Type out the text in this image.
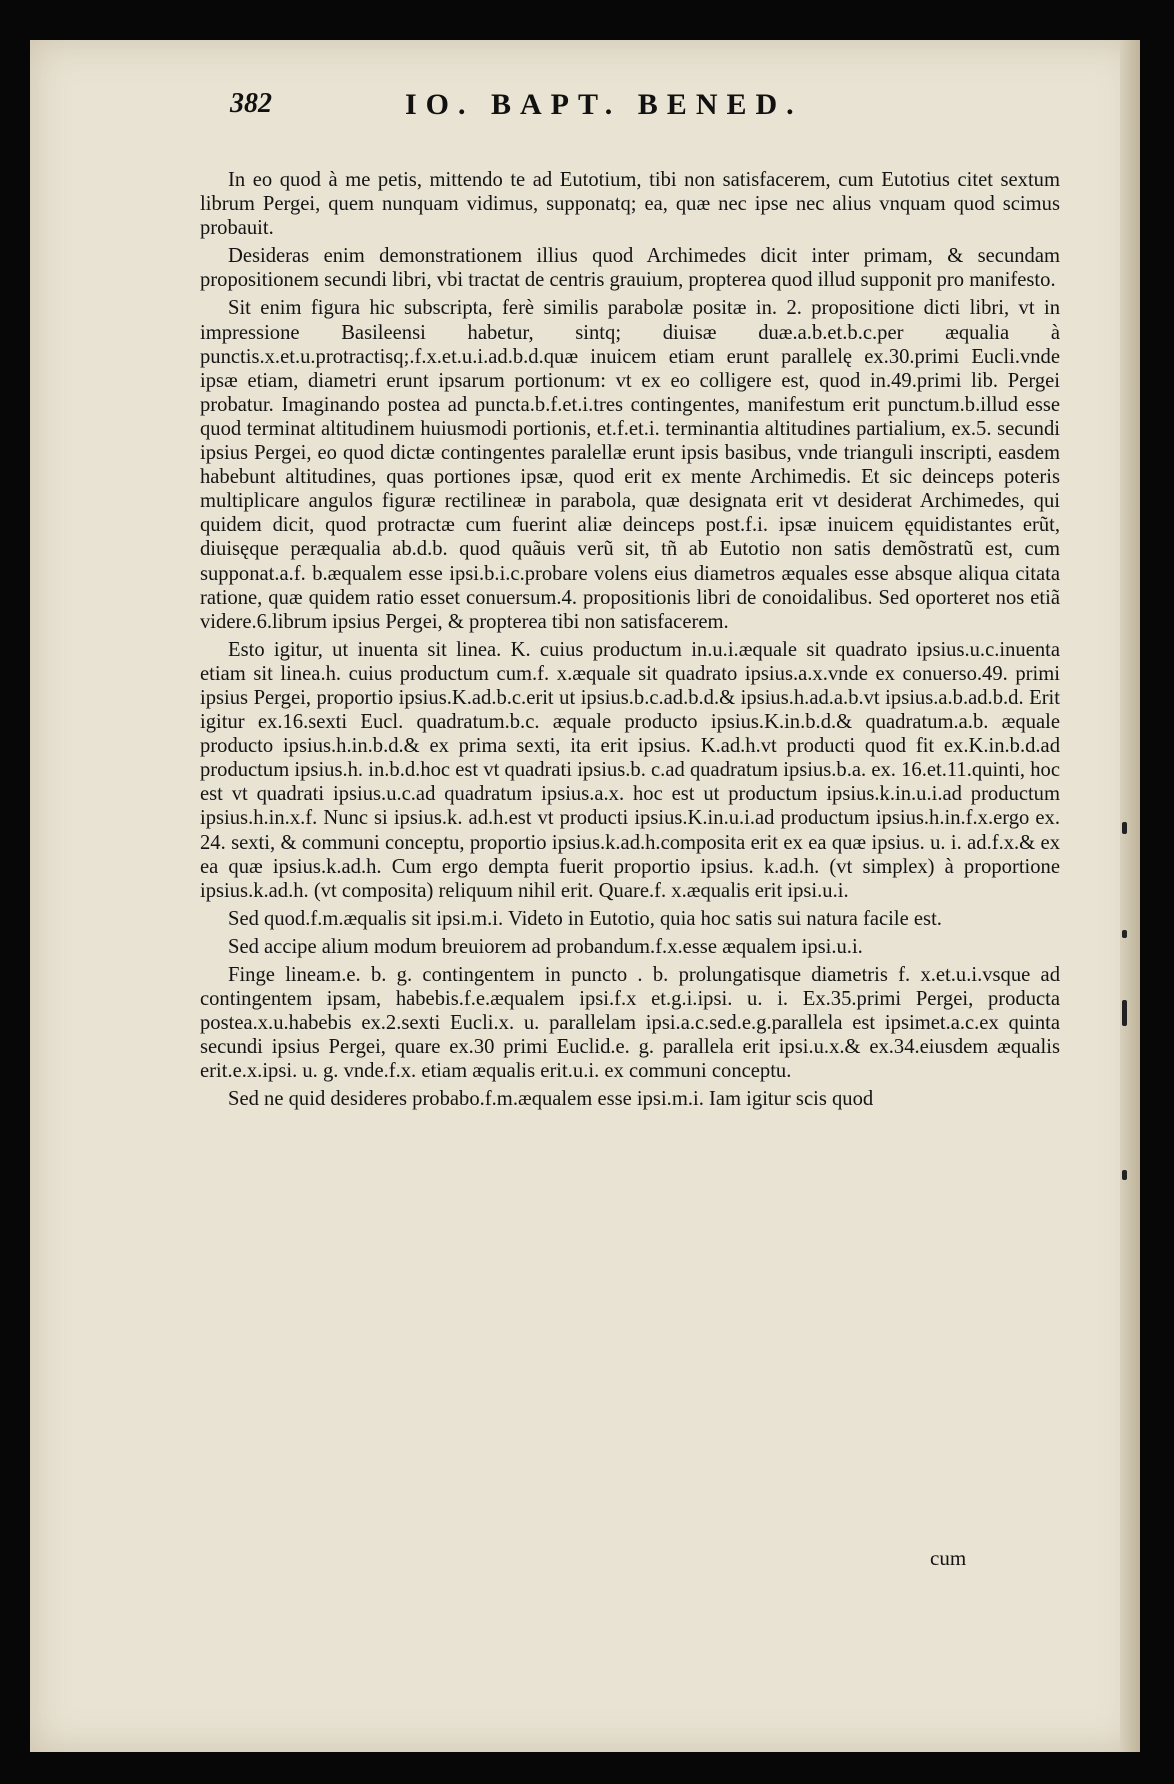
382	IO. BAPT. BENED.

In eo quod à me petis, mittendo te ad Eutotium, tibi non satisfacerem, cum Eutotius citet sextum librum Pergei, quem nunquam vidimus, supponatq; ea, quæ nec ipse nec alius vnquam quod scimus probauit.

Desideras enim demonstrationem illius quod Archimedes dicit inter primam, & secundam propositionem secundi libri, vbi tractat de centris grauium, propterea quod illud supponit pro manifesto.

Sit enim figura hic subscripta, ferè similis parabolæ positæ in. 2. propositione dicti libri, vt in impressione Basileensi habetur, sintq; diuisæ duæ.a.b.et.b.c.per æqualia à punctis.x.et.u.protractisq;.f.x.et.u.i.ad.b.d.quæ inuicem etiam erunt parallelę ex.30.primi Eucli.vnde ipsæ etiam, diametri erunt ipsarum portionum: vt ex eo colligere est, quod in.49.primi lib. Pergei probatur. Imaginando postea ad puncta.b.f.et.i.tres contingentes, manifestum erit punctum.b.illud esse quod terminat altitudinem huiusmodi portionis, et.f.et.i. terminantia altitudines partialium, ex.5. secundi ipsius Pergei, eo quod dictæ contingentes paralellæ erunt ipsis basibus, vnde trianguli inscripti, easdem habebunt altitudines, quas portiones ipsæ, quod erit ex mente Archimedis. Et sic deinceps poteris multiplicare angulos figuræ rectilineæ in parabola, quæ designata erit vt desiderat Archimedes, qui quidem dicit, quod protractæ cum fuerint aliæ deinceps post.f.i. ipsæ inuicem ęquidistantes erũt, diuisęque peræqualia ab.d.b. quod quãuis verũ sit, tñ ab Eutotio non satis demõstratũ est, cum supponat.a.f. b.æqualem esse ipsi.b.i.c.probare volens eius diametros æquales esse absque aliqua citata ratione, quæ quidem ratio esset conuersum.4. propositionis libri de conoidalibus. Sed oporteret nos etiã videre.6.librum ipsius Pergei, & propterea tibi non satisfacerem.

Esto igitur, ut inuenta sit linea. K. cuius productum in.u.i.æquale sit quadrato ipsius.u.c.inuenta etiam sit linea.h. cuius productum cum.f. x.æquale sit quadrato ipsius.a.x.vnde ex conuerso.49. primi ipsius Pergei, proportio ipsius.K.ad.b.c.erit ut ipsius.b.c.ad.b.d.& ipsius.h.ad.a.b.vt ipsius.a.b.ad.b.d. Erit igitur ex.16.sexti Eucl. quadratum.b.c. æquale producto ipsius.K.in.b.d.& quadratum.a.b. æquale producto ipsius.h.in.b.d.& ex prima sexti, ita erit ipsius. K.ad.h.vt producti quod fit ex.K.in.b.d.ad productum ipsius.h. in.b.d.hoc est vt quadrati ipsius.b. c.ad quadratum ipsius.b.a. ex. 16.et.11.quinti, hoc est vt quadrati ipsius.u.c.ad quadratum ipsius.a.x. hoc est ut productum ipsius.k.in.u.i.ad productum ipsius.h.in.x.f. Nunc si ipsius.k. ad.h.est vt producti ipsius.K.in.u.i.ad productum ipsius.h.in.f.x.ergo ex. 24. sexti, & communi conceptu, proportio ipsius.k.ad.h.composita erit ex ea quæ ipsius. u. i. ad.f.x.& ex ea quæ ipsius.k.ad.h. Cum ergo dempta fuerit proportio ipsius. k.ad.h. (vt simplex) à proportione ipsius.k.ad.h. (vt composita) reliquum nihil erit. Quare.f. x.æqualis erit ipsi.u.i.

Sed quod.f.m.æqualis sit ipsi.m.i. Videto in Eutotio, quia hoc satis sui natura facile est.

Sed accipe alium modum breuiorem ad probandum.f.x.esse æqualem ipsi.u.i.

Finge lineam.e. b. g. contingentem in puncto . b. prolungatisque diametris f. x.et.u.i.vsque ad contingentem ipsam, habebis.f.e.æqualem ipsi.f.x et.g.i.ipsi. u. i. Ex.35.primi Pergei, producta postea.x.u.habebis ex.2.sexti Eucli.x. u. parallelam ipsi.a.c.sed.e.g.parallela est ipsimet.a.c.ex quinta secundi ipsius Pergei, quare ex.30 primi Euclid.e. g. parallela erit ipsi.u.x.& ex.34.eiusdem æqualis erit.e.x.ipsi. u. g. vnde.f.x. etiam æqualis erit.u.i. ex communi conceptu.

Sed ne quid desideres probabo.f.m.æqualem esse ipsi.m.i. Iam igitur scis quod

cum
